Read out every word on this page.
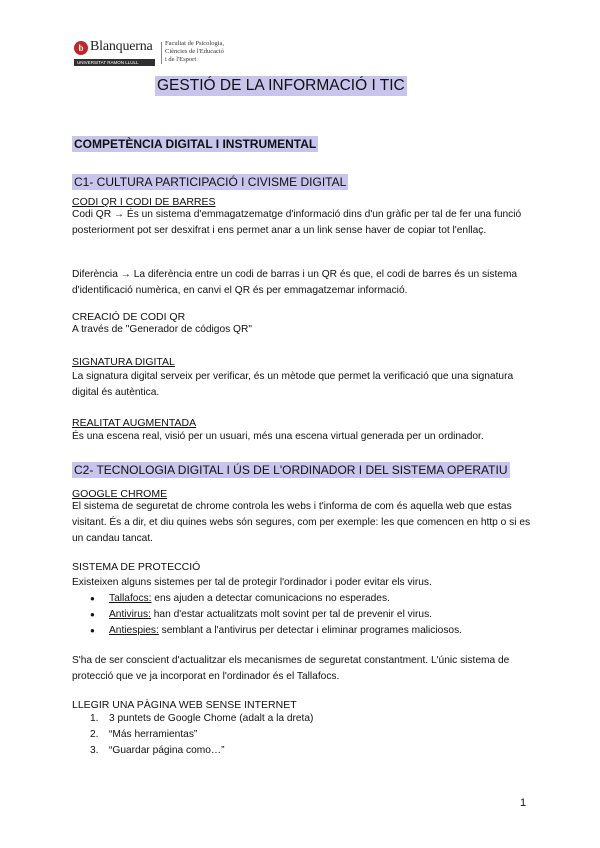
b Blanquerna
UNIVERSITAT RAMON LLULL
Facultat de Psicologia,
Ciències de l'Educació
i de l'Esport
GESTIÓ DE LA INFORMACIÓ I TIC
COMPETÈNCIA DIGITAL I INSTRUMENTAL
C1- CULTURA PARTICIPACIÓ I CIVISME DIGITAL
CODI QR I CODI DE BARRES
Codi QR → És un sistema d'emmagatzematge d'informació dins d'un gràfic per tal de fer una funció posteriorment pot ser desxifrat i ens permet anar a un link sense haver de copiar tot l'enllaç.
Diferència → La diferència entre un codi de barras i un QR és que, el codi de barres és un sistema d'identificació numèrica, en canvi el QR és per emmagatzemar informació.
CREACIÓ DE CODI QR
A través de "Generador de códigos QR"
SIGNATURA DIGITAL
La signatura digital serveix per verificar, és un mètode que permet la verificació que una signatura digital és autèntica.
REALITAT AUGMENTADA
És una escena real, visió per un usuari, més una escena virtual generada per un ordinador.
C2- TECNOLOGIA DIGITAL I ÚS DE L'ORDINADOR I DEL SISTEMA OPERATIU
GOOGLE CHROME
El sistema de seguretat de chrome controla les webs i t'informa de com és aquella web que estas visitant. És a dir, et diu quines webs són segures, com per exemple: les que comencen en http o si es un candau tancat.
SISTEMA DE PROTECCIÓ
Existeixen alguns sistemes per tal de protegir l'ordinador i poder evitar els virus.
● Tallafocs: ens ajuden a detectar comunicacions no esperades.
● Antivirus: han d'estar actualitzats molt sovint per tal de prevenir el virus.
● Antiespies: semblant a l'antivirus per detectar i eliminar programes maliciosos.
S'ha de ser conscient d'actualitzar els mecanismes de seguretat constantment. L'únic sistema de protecció que ve ja incorporat en l'ordinador és el Tallafocs.
LLEGIR UNA PÀGINA WEB SENSE INTERNET
1.	3 puntets de Google Chome (adalt a la dreta)
2.	“Más herramientas”
3.	“Guardar página como…”
1
